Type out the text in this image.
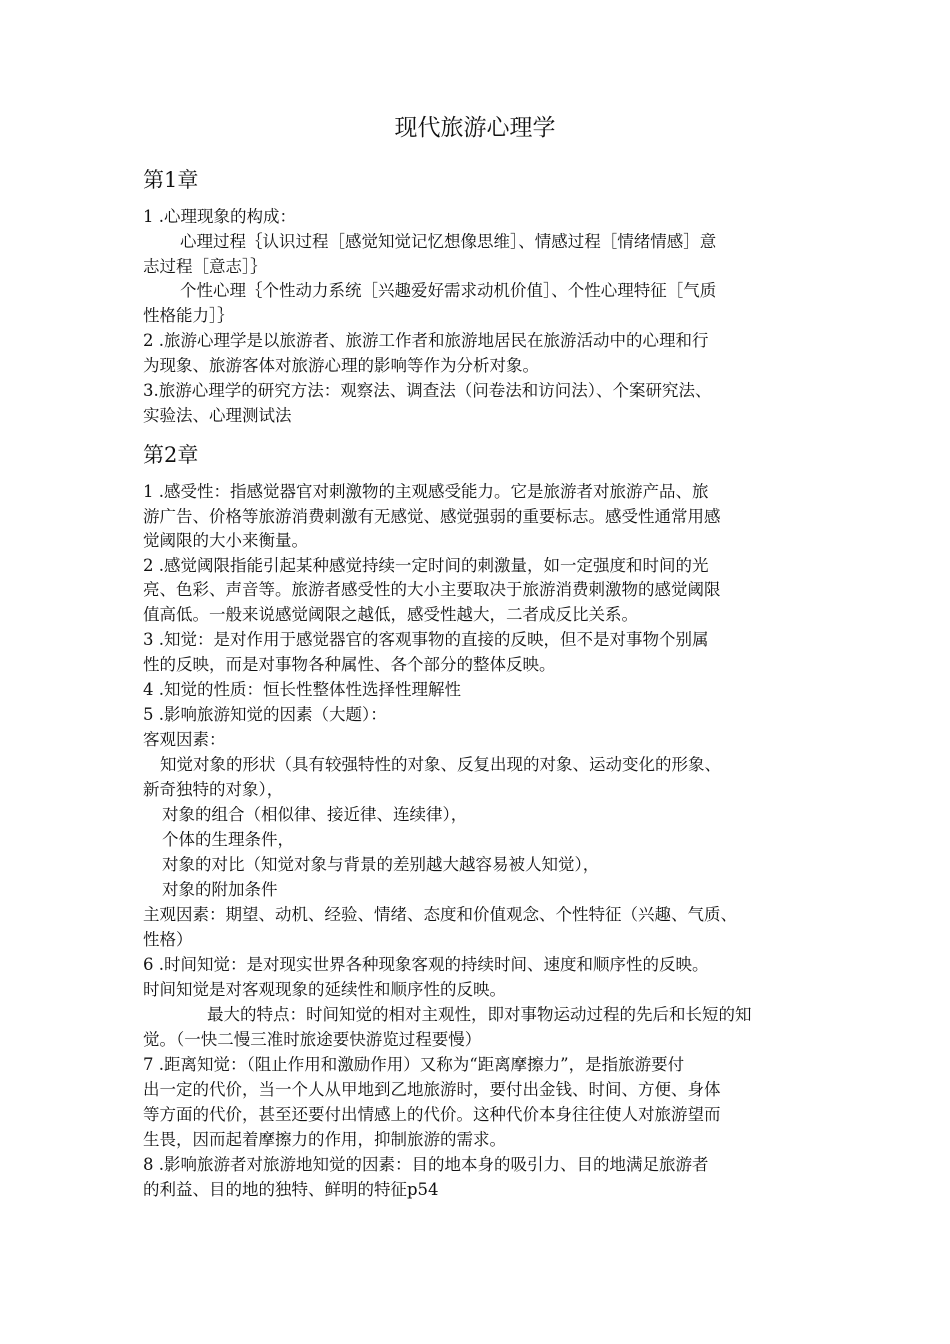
现代旅游心理学
第1章
1 .心理现象的构成：
心理过程｛认识过程［感觉知觉记忆想像思维］、情感过程［情绪情感］意
志过程［意志］｝
个性心理｛个性动力系统［兴趣爱好需求动机价值］、个性心理特征［气质
性格能力］｝
2 .旅游心理学是以旅游者、旅游工作者和旅游地居民在旅游活动中的心理和行
为现象、旅游客体对旅游心理的影响等作为分析对象。
3.旅游心理学的研究方法：观察法、调查法（问卷法和访问法）、个案研究法、
实验法、心理测试法
第2章
1 .感受性：指感觉器官对刺激物的主观感受能力。它是旅游者对旅游产品、旅
游广告、价格等旅游消费刺激有无感觉、感觉强弱的重要标志。感受性通常用感
觉阈限的大小来衡量。
2 .感觉阈限指能引起某种感觉持续一定时间的刺激量，如一定强度和时间的光
亮、色彩、声音等。旅游者感受性的大小主要取决于旅游消费刺激物的感觉阈限
值高低。一般来说感觉阈限之越低，感受性越大，二者成反比关系。
3 .知觉：是对作用于感觉器官的客观事物的直接的反映，但不是对事物个别属
性的反映，而是对事物各种属性、各个部分的整体反映。
4 .知觉的性质：恒长性整体性选择性理解性
5 .影响旅游知觉的因素（大题）：
客观因素：
知觉对象的形状（具有较强特性的对象、反复出现的对象、运动变化的形象、
新奇独特的对象），
对象的组合（相似律、接近律、连续律），
个体的生理条件，
对象的对比（知觉对象与背景的差别越大越容易被人知觉），
对象的附加条件
主观因素：期望、动机、经验、情绪、态度和价值观念、个性特征（兴趣、气质、
性格）
6 .时间知觉：是对现实世界各种现象客观的持续时间、速度和顺序性的反映。
时间知觉是对客观现象的延续性和顺序性的反映。
最大的特点：时间知觉的相对主观性，即对事物运动过程的先后和长短的知
觉。（一快二慢三准时旅途要快游览过程要慢）
7 .距离知觉：（阻止作用和激励作用）又称为“距离摩擦力”，是指旅游要付
出一定的代价，当一个人从甲地到乙地旅游时，要付出金钱、时间、方便、身体
等方面的代价，甚至还要付出情感上的代价。这种代价本身往往使人对旅游望而
生畏，因而起着摩擦力的作用，抑制旅游的需求。
8 .影响旅游者对旅游地知觉的因素：目的地本身的吸引力、目的地满足旅游者
的利益、目的地的独特、鲜明的特征p54
